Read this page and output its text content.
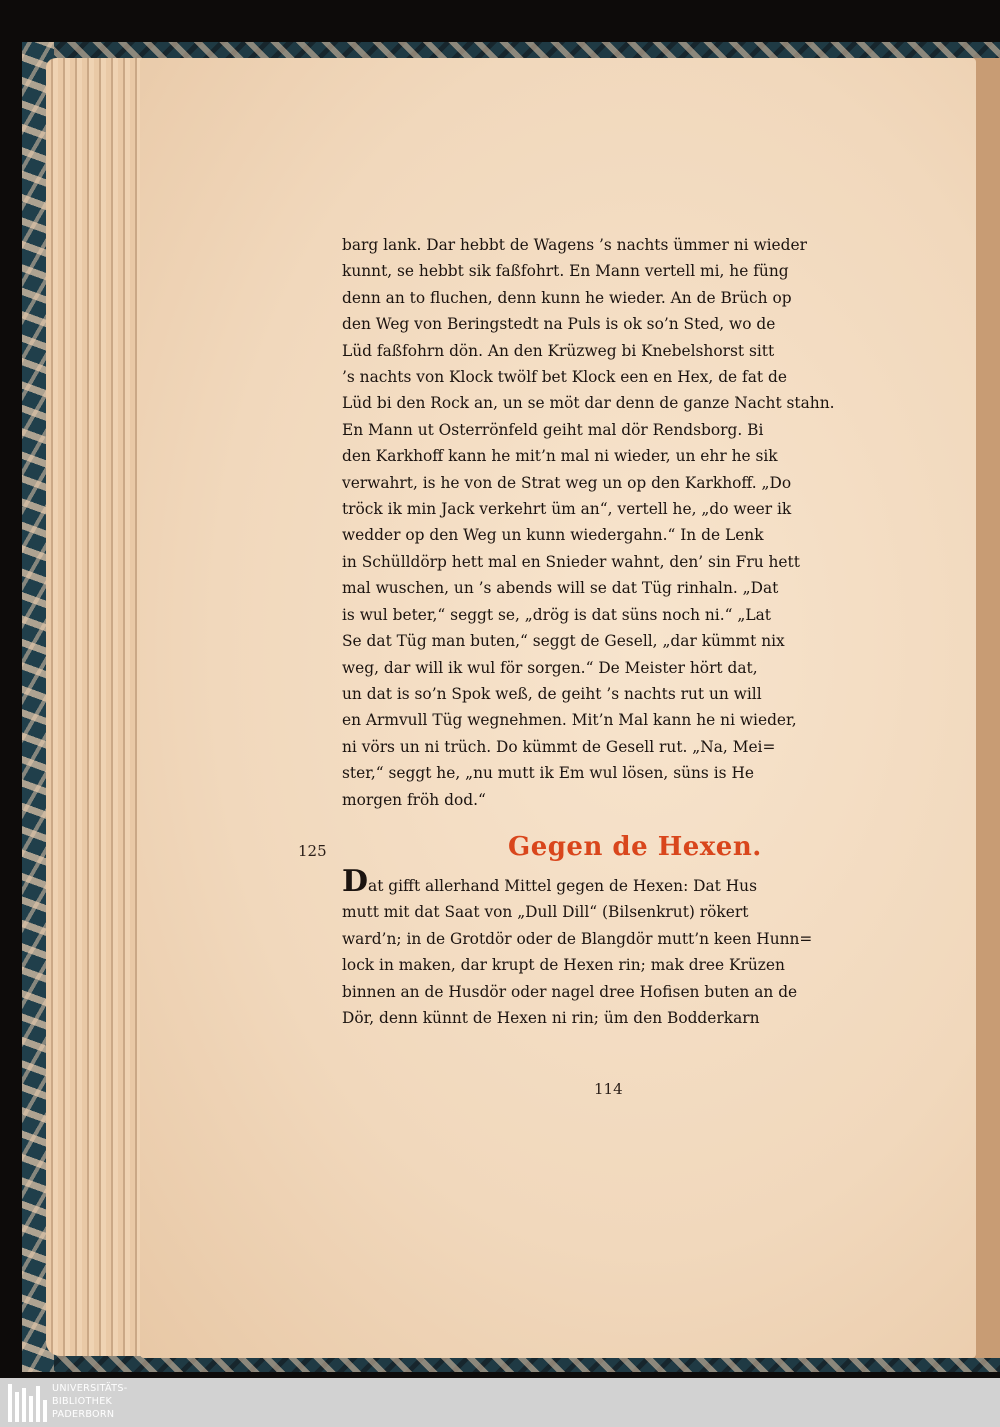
barg lank. Dar hebbt de Wagens ’s nachts ümmer ni wieder

kunnt, se hebbt sik faßfohrt. En Mann vertell mi, he füng

denn an to fluchen, denn kunn he wieder. An de Brüch op

den Weg von Beringstedt na Puls is ok so’n Sted, wo de

Lüd faßfohrn dön. An den Krüzweg bi Knebelshorst sitt

’s nachts von Klock twölf bet Klock een en Hex, de fat de

Lüd bi den Rock an, un se möt dar denn de ganze Nacht stahn.

En Mann ut Osterrönfeld geiht mal dör Rendsborg. Bi

den Karkhoff kann he mit’n mal ni wieder, un ehr he sik

verwahrt, is he von de Strat weg un op den Karkhoff. „Do

tröck ik min Jack verkehrt üm an“, vertell he, „do weer ik

wedder op den Weg un kunn wiedergahn.“ In de Lenk

in Schülldörp hett mal en Snieder wahnt, den’ sin Fru hett

mal wuschen, un ’s abends will se dat Tüg rinhaln. „Dat

is wul beter,“ seggt se, „drög is dat süns noch ni.“ „Lat

Se dat Tüg man buten,“ seggt de Gesell, „dar kümmt nix

weg, dar will ik wul för sorgen.“ De Meister hört dat,

un dat is so’n Spok weß, de geiht ’s nachts rut un will

en Armvull Tüg wegnehmen. Mit’n Mal kann he ni wieder,

ni vörs un ni trüch. Do kümmt de Gesell rut. „Na, Mei=

ster,“ seggt he, „nu mutt ik Em wul lösen, süns is He

morgen fröh dod.“

125	Gegen de Hexen.

Dat gifft allerhand Mittel gegen de Hexen: Dat Hus

mutt mit dat Saat von „Dull Dill“ (Bilsenkrut) rökert

ward’n; in de Grotdör oder de Blangdör mutt’n keen Hunn=

lock in maken, dar krupt de Hexen rin; mak dree Krüzen

binnen an de Husdör oder nagel dree Hofisen buten an de

Dör, denn künnt de Hexen ni rin; üm den Bodderkarn

114
UNIVERSITÄTS-
BIBLIOTHEK
PADERBORN
